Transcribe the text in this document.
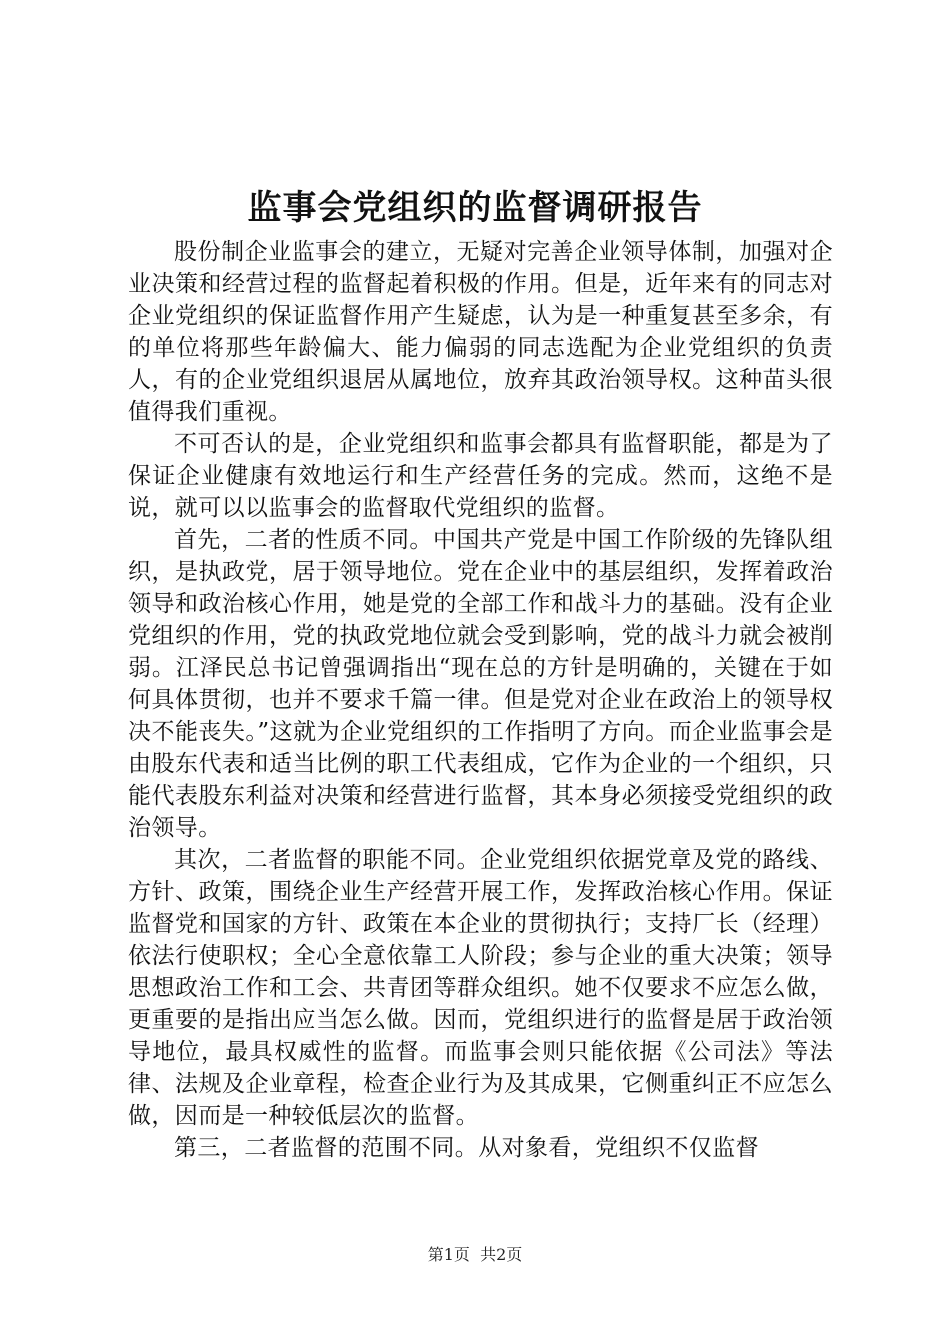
监事会党组织的监督调研报告

股份制企业监事会的建立，无疑对完善企业领导体制，加强对企业决策和经营过程的监督起着积极的作用。但是，近年来有的同志对企业党组织的保证监督作用产生疑虑，认为是一种重复甚至多余，有的单位将那些年龄偏大、能力偏弱的同志选配为企业党组织的负责人，有的企业党组织退居从属地位，放弃其政治领导权。这种苗头很值得我们重视。

不可否认的是，企业党组织和监事会都具有监督职能，都是为了保证企业健康有效地运行和生产经营任务的完成。然而，这绝不是说，就可以以监事会的监督取代党组织的监督。

首先，二者的性质不同。中国共产党是中国工作阶级的先锋队组织，是执政党，居于领导地位。党在企业中的基层组织，发挥着政治领导和政治核心作用，她是党的全部工作和战斗力的基础。没有企业党组织的作用，党的执政党地位就会受到影响，党的战斗力就会被削弱。江泽民总书记曾强调指出“现在总的方针是明确的，关键在于如何具体贯彻，也并不要求千篇一律。但是党对企业在政治上的领导权决不能丧失。”这就为企业党组织的工作指明了方向。而企业监事会是由股东代表和适当比例的职工代表组成，它作为企业的一个组织，只能代表股东利益对决策和经营进行监督，其本身必须接受党组织的政治领导。

其次，二者监督的职能不同。企业党组织依据党章及党的路线、方针、政策，围绕企业生产经营开展工作，发挥政治核心作用。保证监督党和国家的方针、政策在本企业的贯彻执行；支持厂长（经理）依法行使职权；全心全意依靠工人阶段；参与企业的重大决策；领导思想政治工作和工会、共青团等群众组织。她不仅要求不应怎么做，更重要的是指出应当怎么做。因而，党组织进行的监督是居于政治领导地位，最具权威性的监督。而监事会则只能依据《公司法》等法律、法规及企业章程，检查企业行为及其成果，它侧重纠正不应怎么做，因而是一种较低层次的监督。

第三，二者监督的范围不同。从对象看，党组织不仅监督

第1页 共2页
